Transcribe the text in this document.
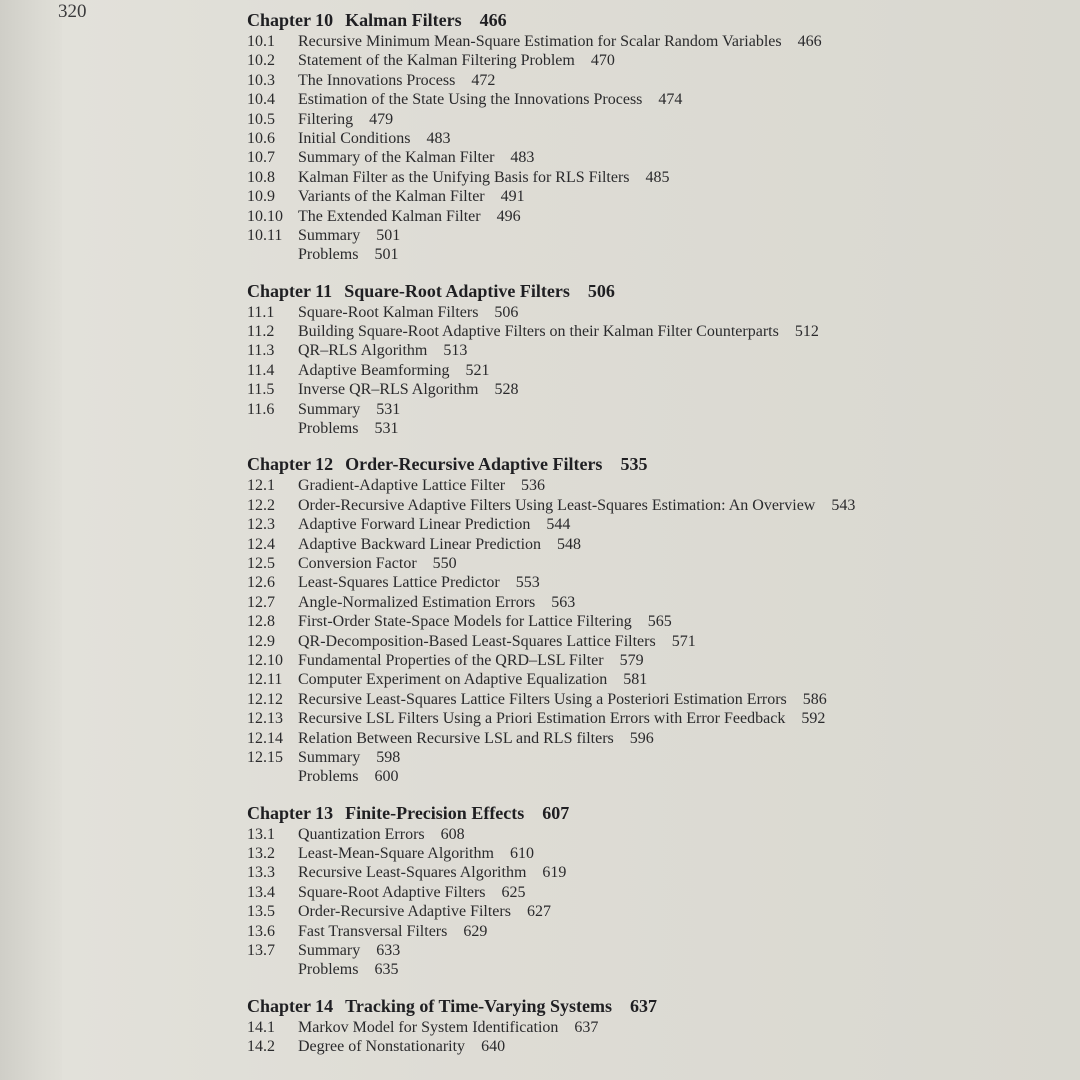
320	Chapter 10 Kalman Filters 466
10.1	Recursive Minimum Mean-Square Estimation for Scalar Random Variables 466
10.2	Statement of the Kalman Filtering Problem 470
10.3	The Innovations Process 472
10.4	Estimation of the State Using the Innovations Process 474
10.5	Filtering 479
10.6	Initial Conditions 483
10.7	Summary of the Kalman Filter 483
10.8	Kalman Filter as the Unifying Basis for RLS Filters 485
10.9	Variants of the Kalman Filter 491
10.10 The Extended Kalman Filter 496
10.11 Summary 501
Problems 501
Chapter 11 Square-Root Adaptive Filters 506
11.1	Square-Root Kalman Filters 506
11.2	Building Square-Root Adaptive Filters on their Kalman Filter Counterparts 512
11.3	QR–RLS Algorithm 513
11.4	Adaptive Beamforming 521
11.5	Inverse QR–RLS Algorithm 528
11.6	Summary 531
Problems 531
Chapter 12 Order-Recursive Adaptive Filters 535
12.1	Gradient-Adaptive Lattice Filter 536
12.2	Order-Recursive Adaptive Filters Using Least-Squares Estimation: An Overview 543
12.3	Adaptive Forward Linear Prediction 544
12.4	Adaptive Backward Linear Prediction 548
12.5	Conversion Factor 550
12.6	Least-Squares Lattice Predictor 553
12.7	Angle-Normalized Estimation Errors 563
12.8	First-Order State-Space Models for Lattice Filtering 565
12.9	QR-Decomposition-Based Least-Squares Lattice Filters 571
12.10 Fundamental Properties of the QRD–LSL Filter 579
12.11 Computer Experiment on Adaptive Equalization 581
12.12 Recursive Least-Squares Lattice Filters Using a Posteriori Estimation Errors 586
12.13 Recursive LSL Filters Using a Priori Estimation Errors with Error Feedback 592
12.14 Relation Between Recursive LSL and RLS filters 596
12.15 Summary 598
Problems 600
Chapter 13 Finite-Precision Effects 607
13.1	Quantization Errors 608
13.2	Least-Mean-Square Algorithm 610
13.3	Recursive Least-Squares Algorithm 619
13.4	Square-Root Adaptive Filters 625
13.5	Order-Recursive Adaptive Filters 627
13.6	Fast Transversal Filters 629
13.7	Summary 633
Problems 635
Chapter 14 Tracking of Time-Varying Systems 637
14.1	Markov Model for System Identification 637
14.2	Degree of Nonstationarity 640
